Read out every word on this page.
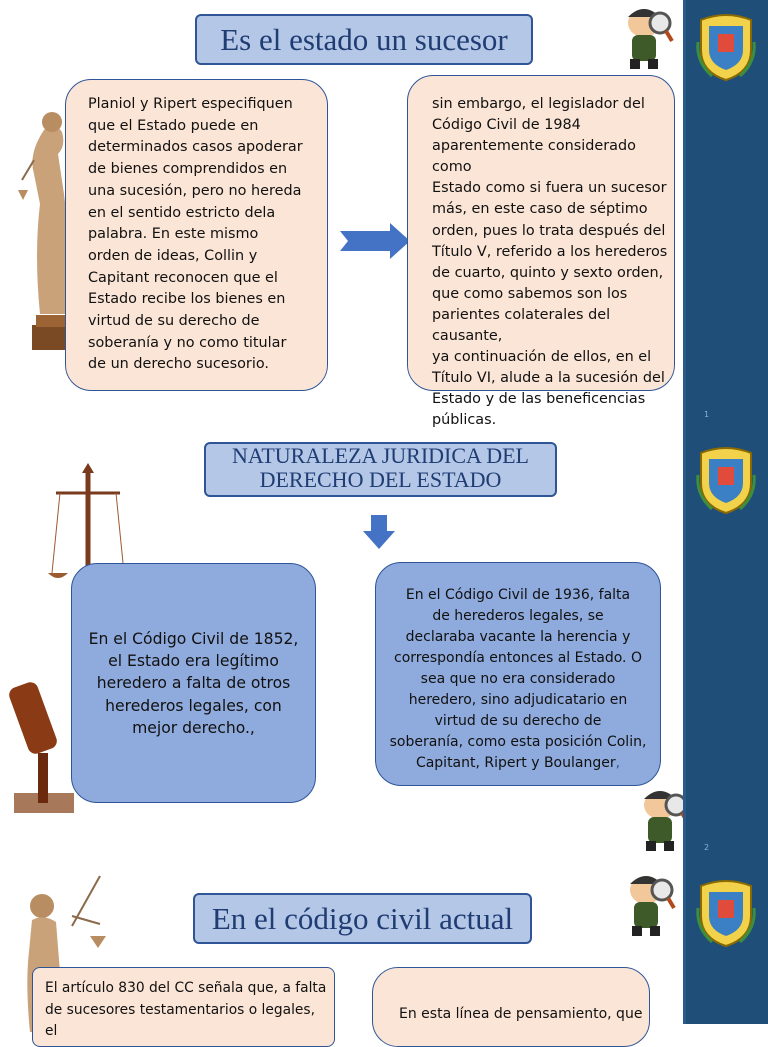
Es el estado un sucesor
Planiol y Ripert especifiquen
que el Estado puede en
determinados casos apoderar
de bienes comprendidos en
una sucesión, pero no hereda
en el sentido estricto dela
palabra. En este mismo
orden de ideas, Collin y
Capitant reconocen que el
Estado recibe los bienes en
virtud de su derecho de
soberanía y no como titular
de un derecho sucesorio.
sin embargo, el legislador del
Código Civil de 1984
aparentemente considerado como
Estado como si fuera un sucesor
más, en este caso de séptimo
orden, pues lo trata después del
Título V, referido a los herederos
de cuarto, quinto y sexto orden,
que como sabemos son los
parientes colaterales del causante,
ya continuación de ellos, en el
Título VI, alude a la sucesión del
Estado y de las beneficencias
públicas.	1
NATURALEZA JURIDICA DEL
DERECHO DEL ESTADO
En el Código Civil de 1852,
el Estado era legítimo
heredero a falta de otros
herederos legales, con
mejor derecho.,
En el Código Civil de 1936, falta
de herederos legales, se
declaraba vacante la herencia y
correspondía entonces al Estado. O
sea que no era considerado
heredero, sino adjudicatario en
virtud de su derecho de
soberanía, como esta posición Colin,
Capitant, Ripert y Boulanger,
2
En el código civil actual
El artículo 830 del CC señala que, a falta
de sucesores testamentarios o legales, el
En esta línea de pensamiento, que
